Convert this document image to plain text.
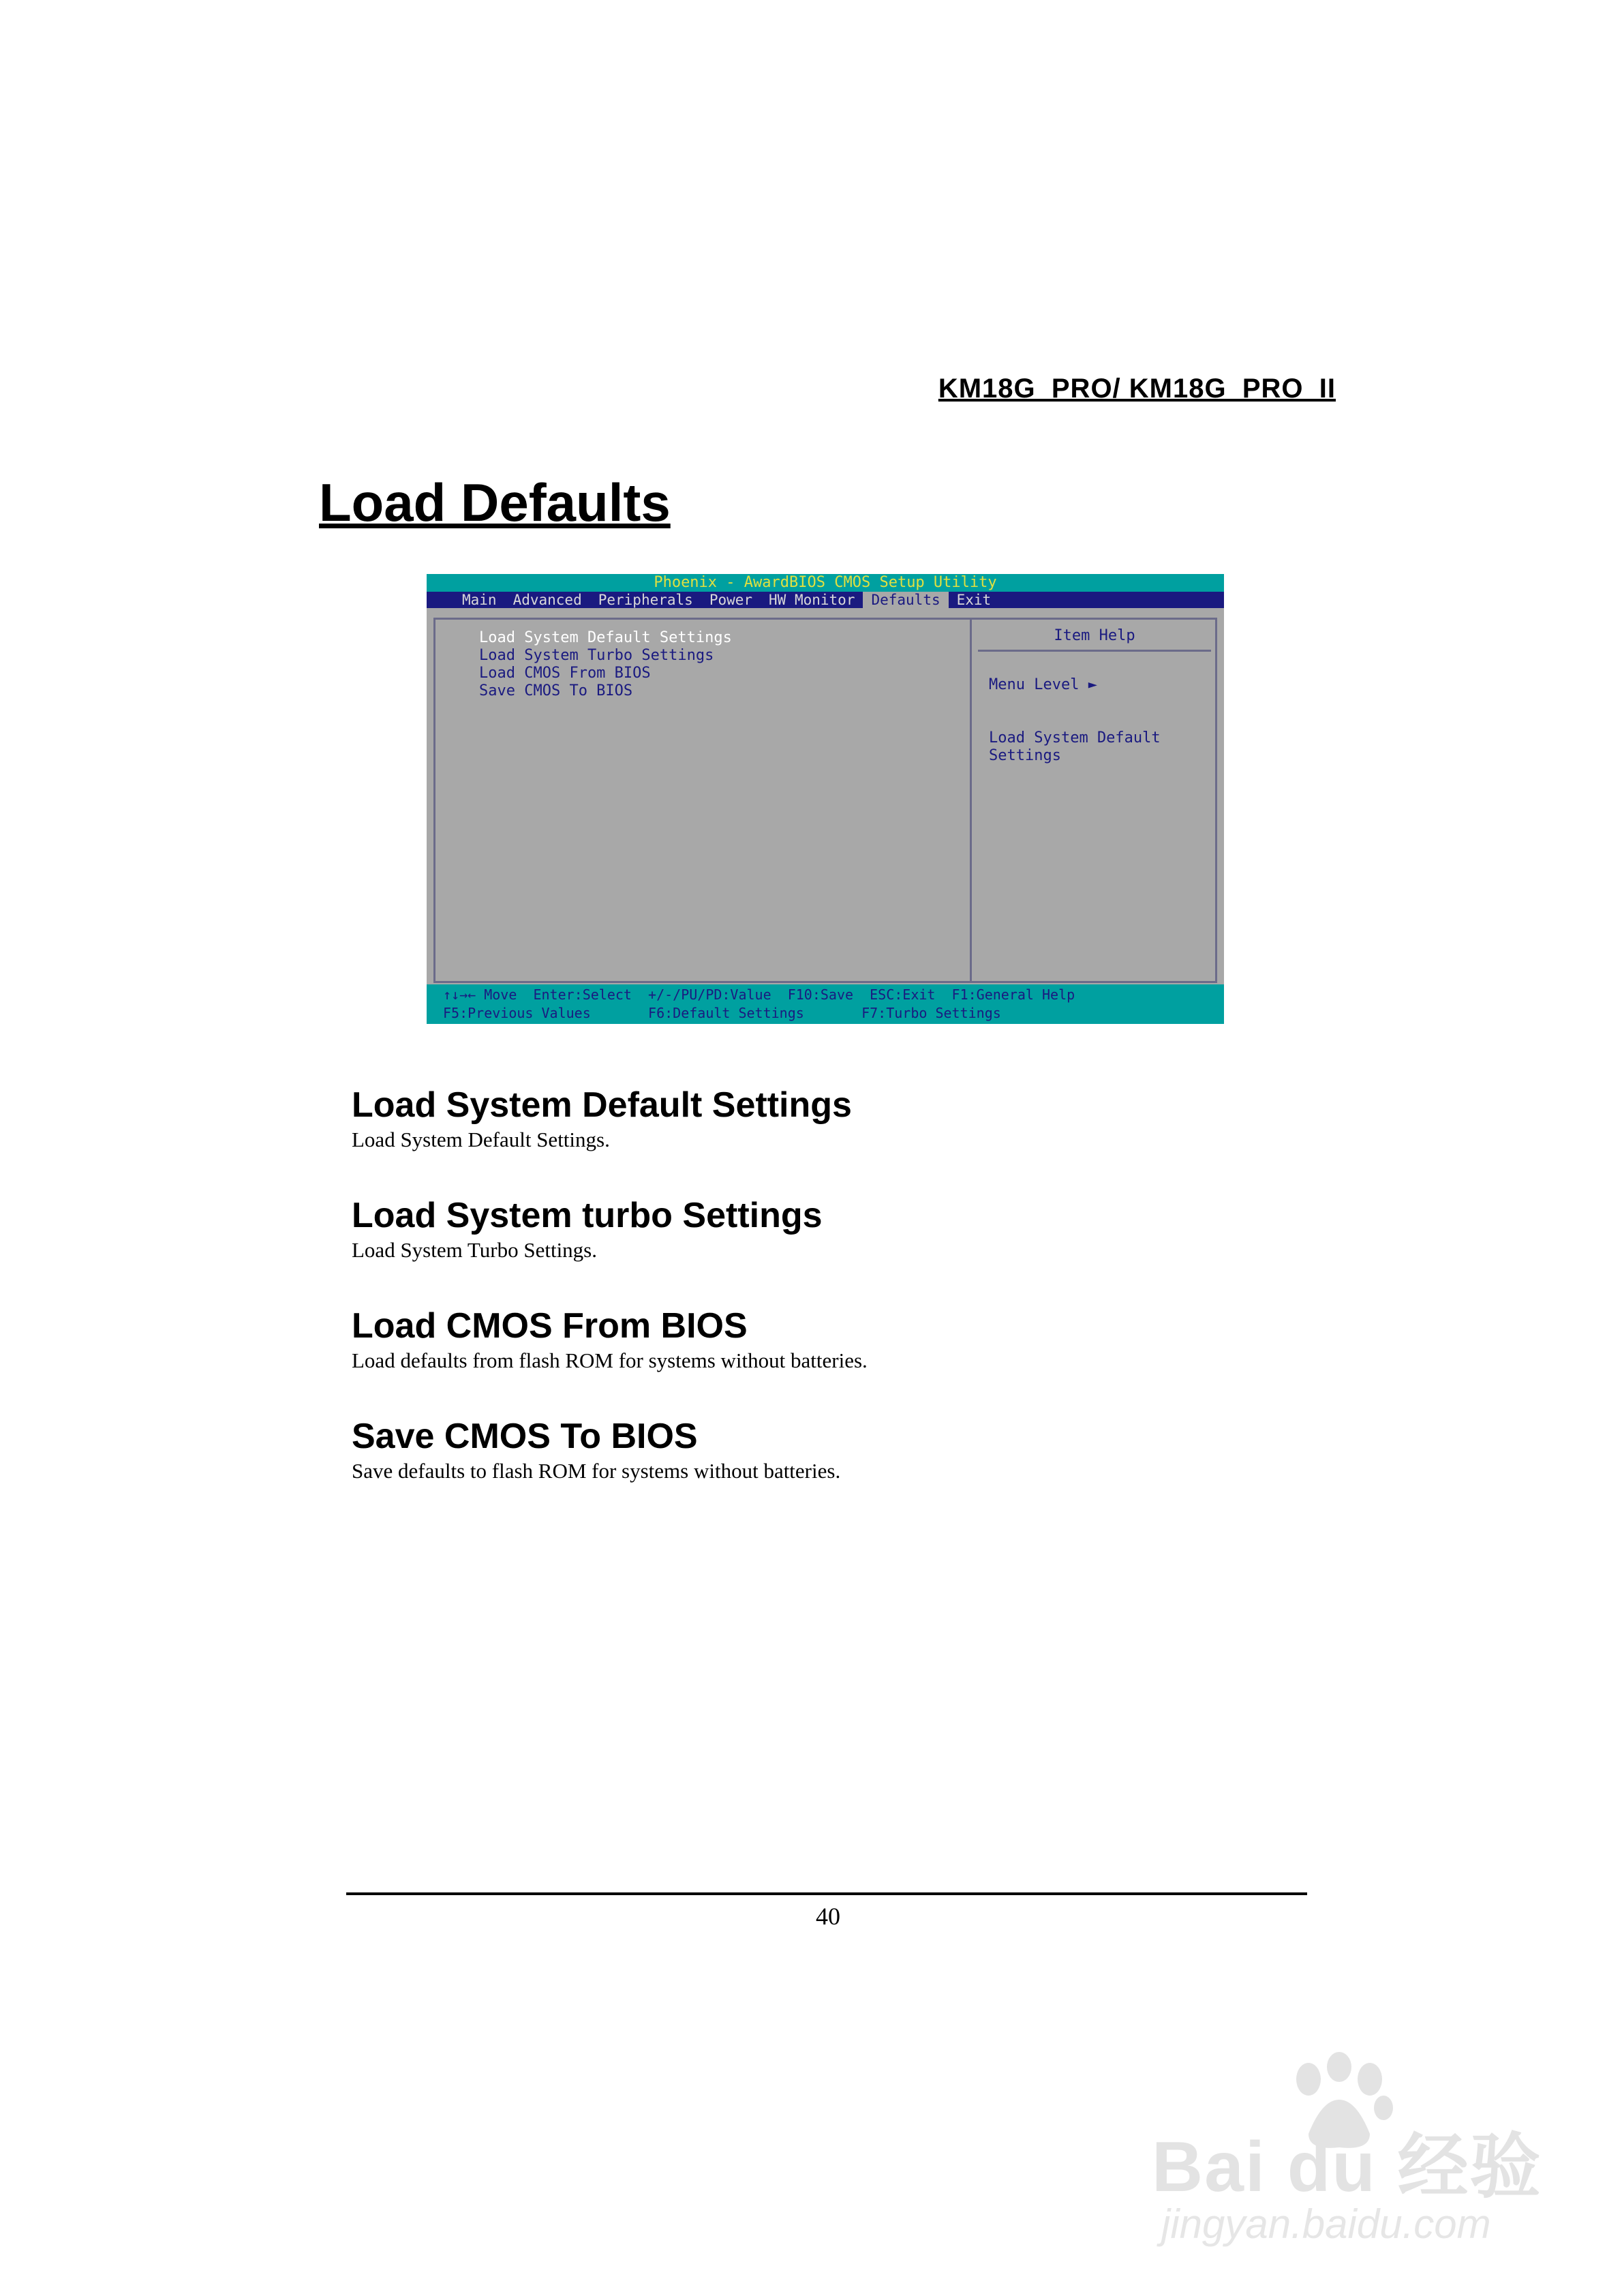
KM18G_PRO/ KM18G_PRO_II
Load Defaults
Phoenix - AwardBIOS CMOS Setup Utility
Main	Advanced	Peripherals	Power	HW Monitor	Defaults	Exit
Load System Default Settings
Load System Turbo Settings
Load CMOS From BIOS
Save CMOS To BIOS
Item Help

Menu Level ►

Load System Default
Settings

↑↓→← Move  Enter:Select  +/-/PU/PD:Value  F10:Save  ESC:Exit  F1:General Help
F5:Previous Values       F6:Default Settings       F7:Turbo Settings
Load System Default Settings

Load System Default Settings.

Load System turbo Settings

Load System Turbo Settings.

Load CMOS From BIOS

Load defaults from flash ROM for systems without batteries.

Save CMOS To BIOS

Save defaults to flash ROM for systems without batteries.

40
Bai du 经验
jingyan.baidu.com
